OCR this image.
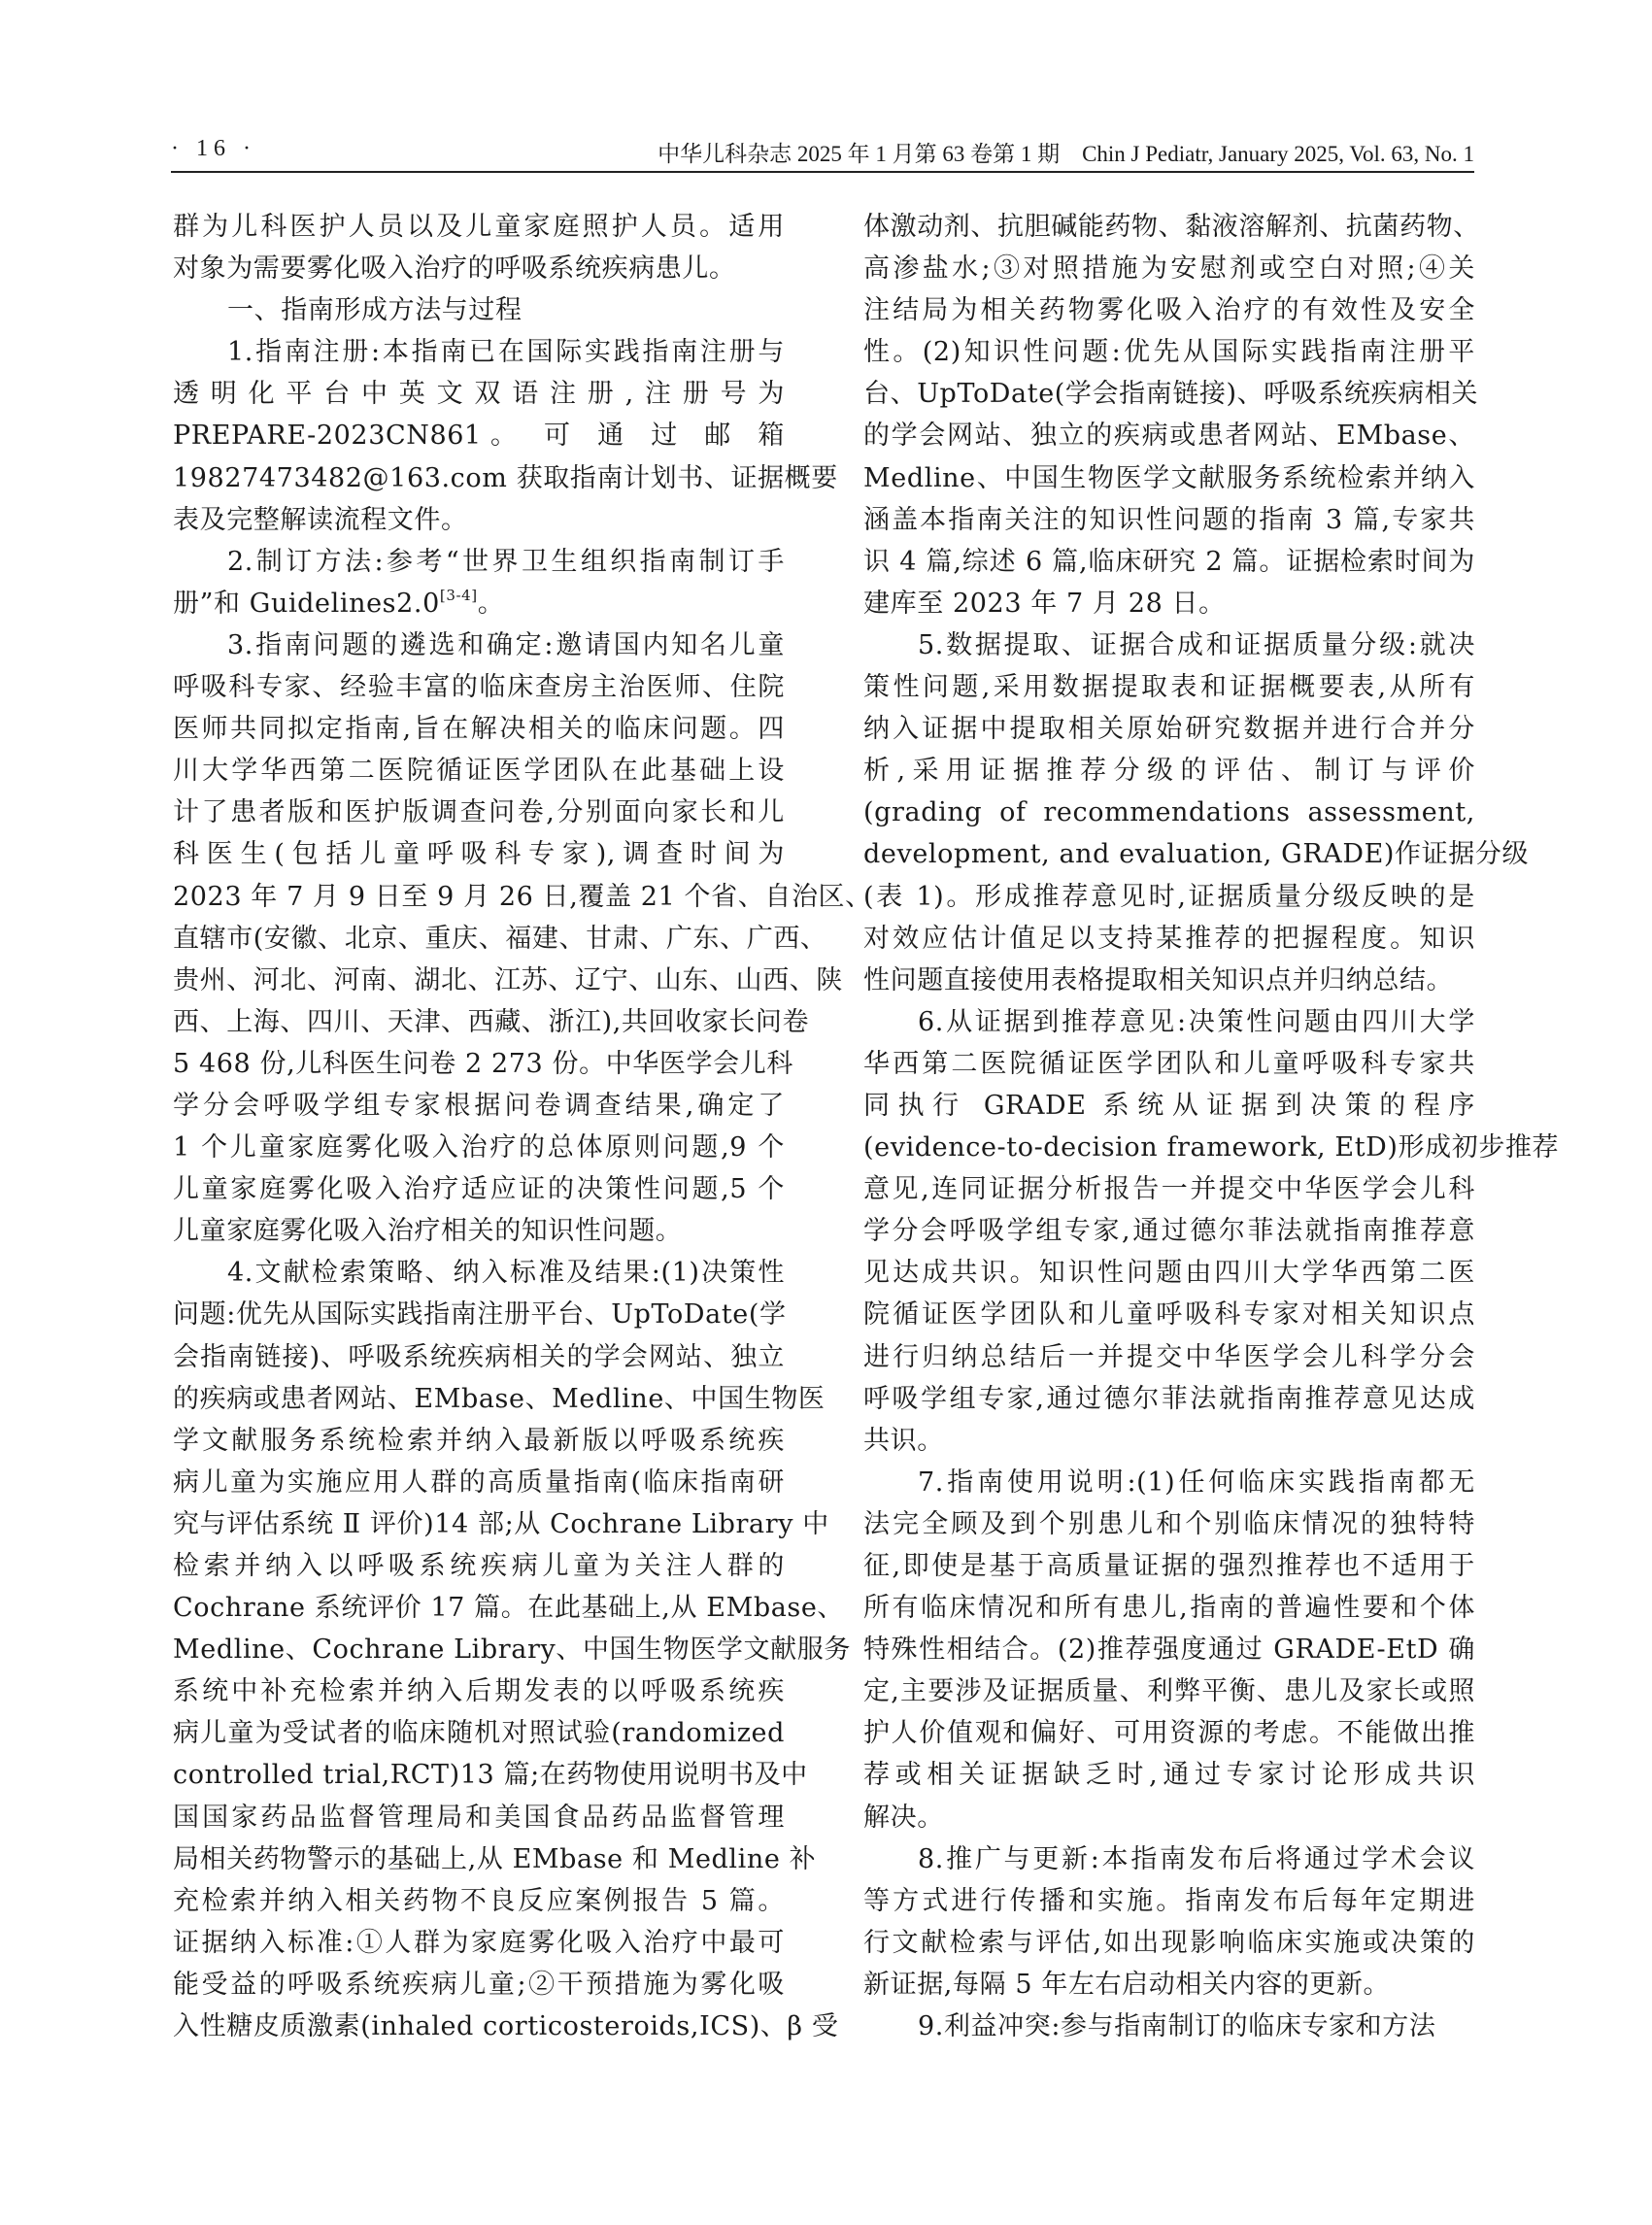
· 16 ·	中华儿科杂志 2025 年 1 月第 63 卷第 1 期　Chin J Pediatr, January 2025, Vol. 63, No. 1
群为儿科医护人员以及儿童家庭照护人员。适用
对象为需要雾化吸入治疗的呼吸系统疾病患儿。
一、指南形成方法与过程
1.指南注册:本指南已在国际实践指南注册与
透明化平台中英文双语注册,注册号为
PREPARE-2023CN861。 可 通 过 邮 箱
19827473482@163.com 获取指南计划书、证据概要
表及完整解读流程文件。
2.制订方法:参考“世界卫生组织指南制订手
册”和 Guidelines2.0[3-4]。
3.指南问题的遴选和确定:邀请国内知名儿童
呼吸科专家、经验丰富的临床查房主治医师、住院
医师共同拟定指南,旨在解决相关的临床问题。四
川大学华西第二医院循证医学团队在此基础上设
计了患者版和医护版调查问卷,分别面向家长和儿
科医生(包括儿童呼吸科专家),调查时间为
2023 年 7 月 9 日至 9 月 26 日,覆盖 21 个省、自治区、
直辖市(安徽、北京、重庆、福建、甘肃、广东、广西、
贵州、河北、河南、湖北、江苏、辽宁、山东、山西、陕
西、上海、四川、天津、西藏、浙江),共回收家长问卷
5 468 份,儿科医生问卷 2 273 份。中华医学会儿科
学分会呼吸学组专家根据问卷调查结果,确定了
1 个儿童家庭雾化吸入治疗的总体原则问题,9 个
儿童家庭雾化吸入治疗适应证的决策性问题,5 个
儿童家庭雾化吸入治疗相关的知识性问题。
4.文献检索策略、纳入标准及结果:(1)决策性
问题:优先从国际实践指南注册平台、UpToDate(学
会指南链接)、呼吸系统疾病相关的学会网站、独立
的疾病或患者网站、EMbase、Medline、中国生物医
学文献服务系统检索并纳入最新版以呼吸系统疾
病儿童为实施应用人群的高质量指南(临床指南研
究与评估系统 Ⅱ 评价)14 部;从 Cochrane Library 中
检索并纳入以呼吸系统疾病儿童为关注人群的
Cochrane 系统评价 17 篇。在此基础上,从 EMbase、
Medline、Cochrane Library、中国生物医学文献服务
系统中补充检索并纳入后期发表的以呼吸系统疾
病儿童为受试者的临床随机对照试验(randomized
controlled trial,RCT)13 篇;在药物使用说明书及中
国国家药品监督管理局和美国食品药品监督管理
局相关药物警示的基础上,从 EMbase 和 Medline 补
充检索并纳入相关药物不良反应案例报告 5 篇。
证据纳入标准:①人群为家庭雾化吸入治疗中最可
能受益的呼吸系统疾病儿童;②干预措施为雾化吸
入性糖皮质激素(inhaled corticosteroids,ICS)、β 受
体激动剂、抗胆碱能药物、黏液溶解剂、抗菌药物、
高渗盐水;③对照措施为安慰剂或空白对照;④关
注结局为相关药物雾化吸入治疗的有效性及安全
性。(2)知识性问题:优先从国际实践指南注册平
台、UpToDate(学会指南链接)、呼吸系统疾病相关
的学会网站、独立的疾病或患者网站、EMbase、
Medline、中国生物医学文献服务系统检索并纳入
涵盖本指南关注的知识性问题的指南 3 篇,专家共
识 4 篇,综述 6 篇,临床研究 2 篇。证据检索时间为
建库至 2023 年 7 月 28 日。
5.数据提取、证据合成和证据质量分级:就决
策性问题,采用数据提取表和证据概要表,从所有
纳入证据中提取相关原始研究数据并进行合并分
析,采用证据推荐分级的评估、制订与评价
(grading of recommendations assessment,
development, and evaluation, GRADE)作证据分级
(表 1)。形成推荐意见时,证据质量分级反映的是
对效应估计值足以支持某推荐的把握程度。知识
性问题直接使用表格提取相关知识点并归纳总结。
6.从证据到推荐意见:决策性问题由四川大学
华西第二医院循证医学团队和儿童呼吸科专家共
同执行 GRADE 系统从证据到决策的程序
(evidence-to-decision framework, EtD)形成初步推荐
意见,连同证据分析报告一并提交中华医学会儿科
学分会呼吸学组专家,通过德尔菲法就指南推荐意
见达成共识。知识性问题由四川大学华西第二医
院循证医学团队和儿童呼吸科专家对相关知识点
进行归纳总结后一并提交中华医学会儿科学分会
呼吸学组专家,通过德尔菲法就指南推荐意见达成
共识。
7.指南使用说明:(1)任何临床实践指南都无
法完全顾及到个别患儿和个别临床情况的独特特
征,即使是基于高质量证据的强烈推荐也不适用于
所有临床情况和所有患儿,指南的普遍性要和个体
特殊性相结合。(2)推荐强度通过 GRADE-EtD 确
定,主要涉及证据质量、利弊平衡、患儿及家长或照
护人价值观和偏好、可用资源的考虑。不能做出推
荐或相关证据缺乏时,通过专家讨论形成共识
解决。
8.推广与更新:本指南发布后将通过学术会议
等方式进行传播和实施。指南发布后每年定期进
行文献检索与评估,如出现影响临床实施或决策的
新证据,每隔 5 年左右启动相关内容的更新。
9.利益冲突:参与指南制订的临床专家和方法
